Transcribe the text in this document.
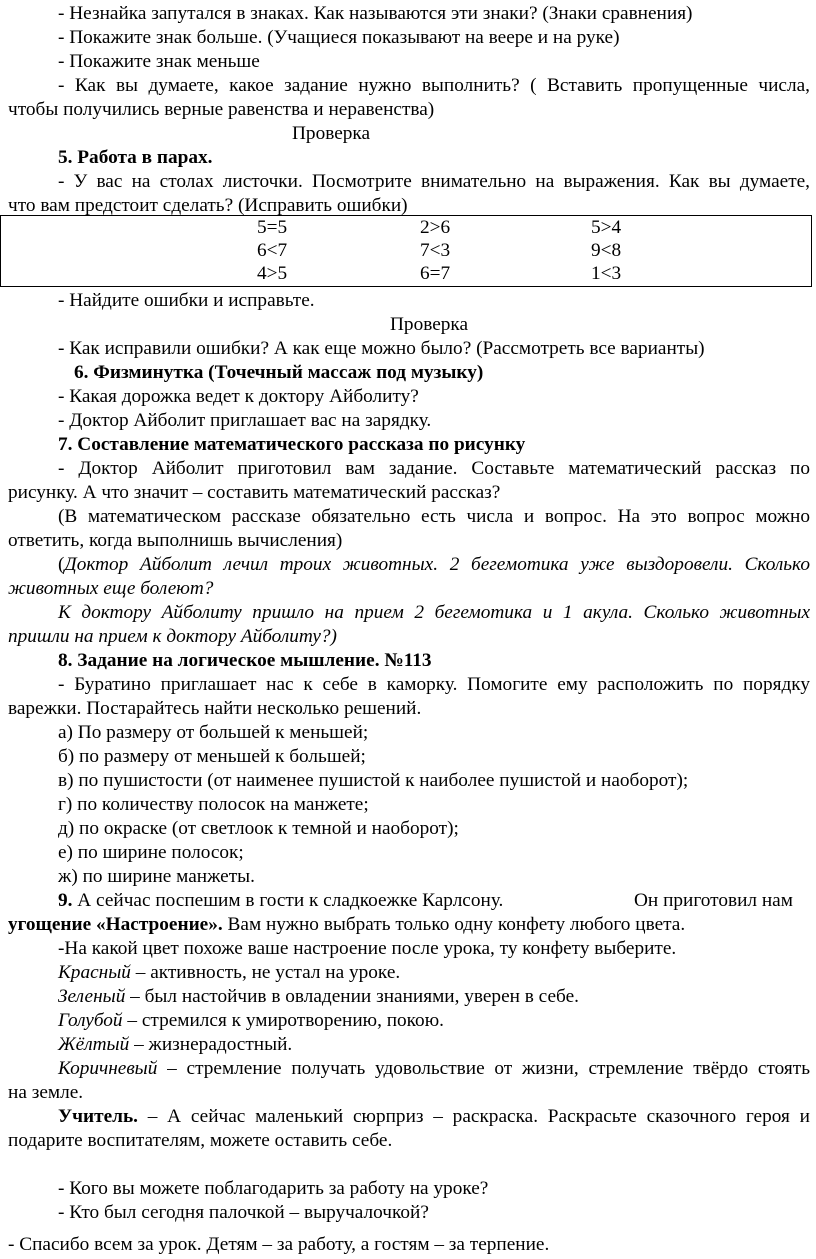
- Незнайка запутался в знаках. Как называются эти знаки? (Знаки сравнения)
- Покажите знак больше. (Учащиеся показывают на веере и на руке)
- Покажите знак меньше
- Как вы думаете, какое задание нужно выполнить? ( Вставить пропущенные числа,
чтобы получились верные равенства и неравенства)
Проверка
5. Работа в парах.
- У вас на столах листочки. Посмотрите внимательно на выражения. Как вы думаете,
что вам предстоит сделать? (Исправить ошибки)
5=5	2>6	5>4
6<7	7<3	9<8
4>5	6=7	1<3
- Найдите ошибки и исправьте.
Проверка
- Как исправили ошибки? А как еще можно было? (Рассмотреть все варианты)
6. Физминутка (Точечный массаж под музыку)
- Какая дорожка ведет к доктору Айболиту?
- Доктор Айболит приглашает вас на зарядку.
7. Составление математического рассказа по рисунку
- Доктор Айболит приготовил вам задание. Составьте математический рассказ по
рисунку. А что значит – составить математический рассказ?
(В математическом рассказе обязательно есть числа и вопрос. На это вопрос можно
ответить, когда выполнишь вычисления)
(Доктор Айболит лечил троих животных. 2 бегемотика уже выздоровели. Сколько
животных еще болеют?
К доктору Айболиту пришло на прием 2 бегемотика и 1 акула. Сколько животных
пришли на прием к доктору Айболиту?)
8. Задание на логическое мышление. №113
- Буратино приглашает нас к себе в каморку. Помогите ему расположить по порядку
варежки. Постарайтесь найти несколько решений.
а) По размеру от большей к меньшей;
б) по размеру от меньшей к большей;
в) по пушистости (от наименее пушистой к наиболее пушистой и наоборот);
г) по количеству полосок на манжете;
д) по окраске (от светлоок к темной и наоборот);
е) по ширине полосок;
ж) по ширине манжеты.
9. А сейчас поспешим в гости к сладкоежке Карлсону.	Он приготовил нам
угощение «Настроение». Вам нужно выбрать только одну конфету любого цвета.
-На какой цвет похоже ваше настроение после урока, ту конфету выберите.
Красный – активность, не устал на уроке.
Зеленый – был настойчив в овладении знаниями, уверен в себе.
Голубой – стремился к умиротворению, покою.
Жёлтый – жизнерадостный.
Коричневый – стремление получать удовольствие от жизни, стремление твёрдо стоять
на земле.
Учитель. – А сейчас маленький сюрприз – раскраска. Раскрасьте сказочного героя и
подарите воспитателям, можете оставить себе.
- Кого вы можете поблагодарить за работу на уроке?
- Кто был сегодня палочкой – выручалочкой?
- Спасибо всем за урок. Детям – за работу, а гостям – за терпение.
